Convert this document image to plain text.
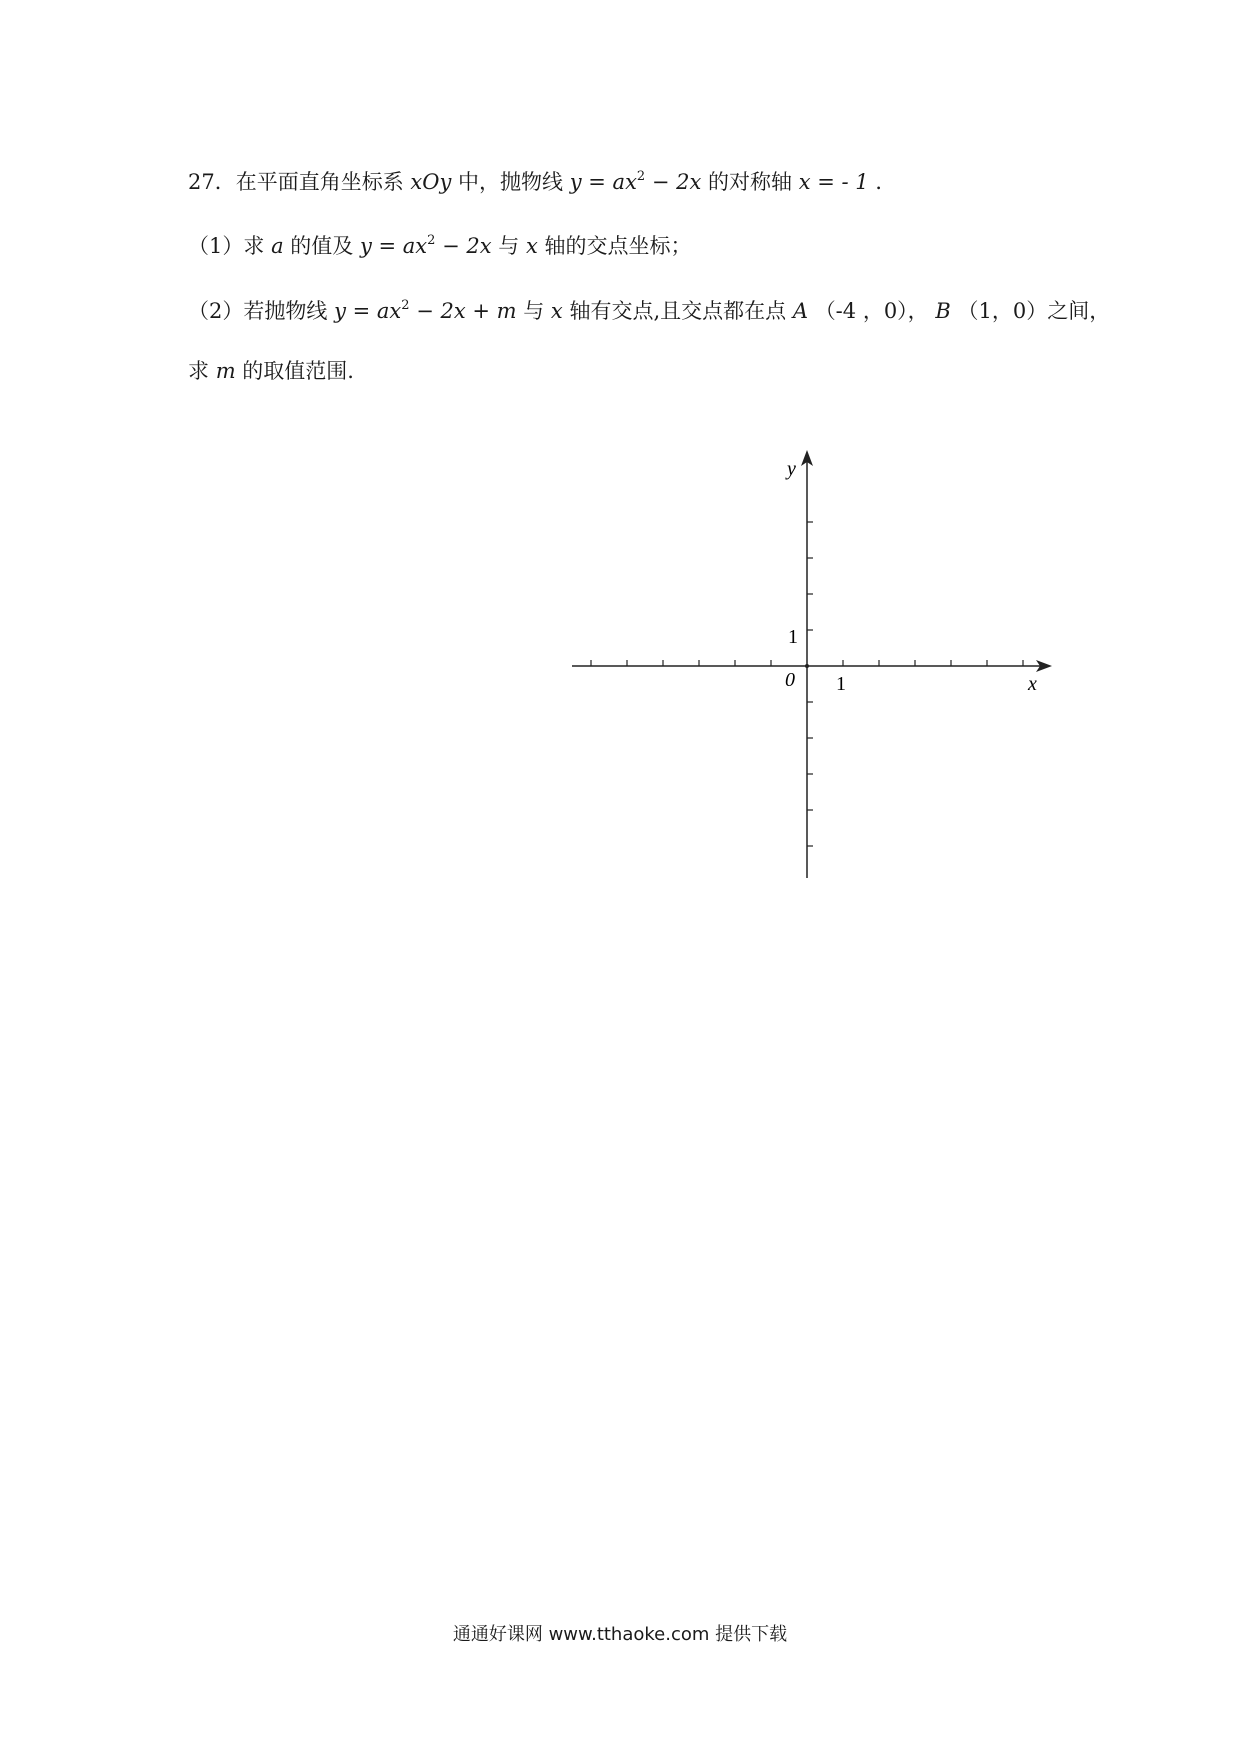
27．在平面直角坐标系 xOy 中，抛物线 $y = ax^2 - 2x$ 的对称轴 x = - 1 ．
（1）求 a 的值及 $y = ax^2 - 2x$ 与 x 轴的交点坐标；
（2）若抛物线 $y = ax^2 - 2x + m$ 与 x 轴有交点,且交点都在点 A （-4 ，0）， B （1，0）之间，
求 m 的取值范围.
y
x
0 1
1
通通好课网 www.tthaoke.com 提供下载
